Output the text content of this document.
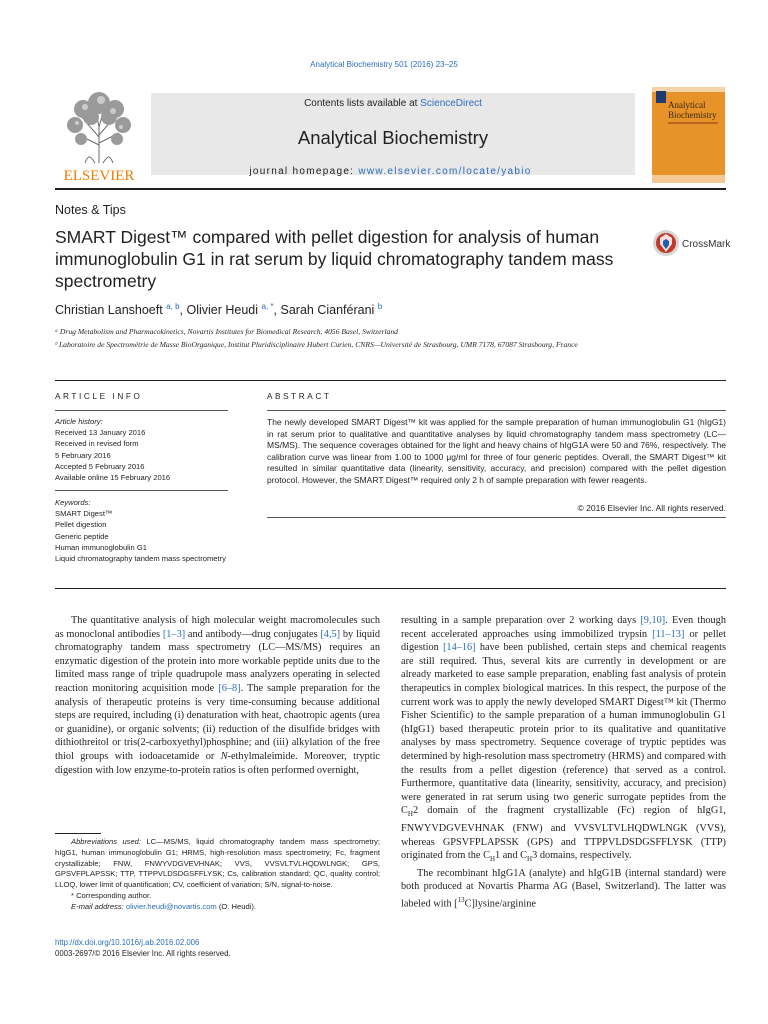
Analytical Biochemistry 501 (2016) 23–25
ELSEVIER
Contents lists available at ScienceDirect
Analytical Biochemistry
journal homepage: www.elsevier.com/locate/yabio
Analytical
Biochemistry
Notes & Tips
SMART Digest™ compared with pellet digestion for analysis of human immunoglobulin G1 in rat serum by liquid chromatography tandem mass spectrometry
CrossMark
Christian Lanshoeft $^{a, b}$, Olivier Heudi $^{a, *}$, Sarah Cianférani $^b$
ᵃ Drug Metabolism and Pharmacokinetics, Novartis Institutes for Biomedical Research, 4056 Basel, Switzerland
ᵇ Laboratoire de Spectrométrie de Masse BioOrganique, Institut Pluridisciplinaire Hubert Curien, CNRS—Université de Strasbourg, UMR 7178, 67087 Strasbourg, France
ARTICLE INFO	ABSTRACT
Article history:
Received 13 January 2016
Received in revised form
5 February 2016
Accepted 5 February 2016
Available online 15 February 2016
Keywords:
SMART Digest™
Pellet digestion
Generic peptide
Human immunoglobulin G1
Liquid chromatography tandem mass spectrometry
The newly developed SMART Digest™ kit was applied for the sample preparation of human immunoglobulin G1 (hIgG1) in rat serum prior to qualitative and quantitative analyses by liquid chromatography tandem mass spectrometry (LC—MS/MS). The sequence coverages obtained for the light and heavy chains of hIgG1A were 50 and 76%, respectively. The calibration curve was linear from 1.00 to 1000 μg/ml for three of four generic peptides. Overall, the SMART Digest™ kit resulted in similar quantitative data (linearity, sensitivity, accuracy, and precision) compared with the pellet digestion protocol. However, the SMART Digest™ required only 2 h of sample preparation with fewer reagents.
© 2016 Elsevier Inc. All rights reserved.

The quantitative analysis of high molecular weight macromolecules such as monoclonal antibodies [1–3] and antibody—drug conjugates [4,5] by liquid chromatography tandem mass spectrometry (LC—MS/MS) requires an enzymatic digestion of the protein into more workable peptide units due to the limited mass range of triple quadrupole mass analyzers operating in selected reaction monitoring acquisition mode [6–8]. The sample preparation for the analysis of therapeutic proteins is very time-consuming because additional steps are required, including (i) denaturation with heat, chaotropic agents (urea or guanidine), or organic solvents; (ii) reduction of the disulfide bridges with dithiothreitol or tris(2-carboxyethyl)phosphine; and (iii) alkylation of the free thiol groups with iodoacetamide or N-ethylmaleimide. Moreover, tryptic digestion with low enzyme-to-protein ratios is often performed overnight,

Abbreviations used: LC—MS/MS, liquid chromatography tandem mass spectrometry; hIgG1, human immunoglobulin G1; HRMS, high-resolution mass spectrometry; Fc, fragment crystallizable; FNW, FNWYVDGVEVHNAK; VVS, VVSVLTVLHQDWLNGK; GPS, GPSVFPLAPSSK; TTP, TTPPVLDSDGSFFLYSK; Cs, calibration standard; QC, quality control; LLOQ, lower limit of quantification; CV, coefficient of variation; S/N, signal-to-noise.
* Corresponding author.
E-mail address: olivier.heudi@novartis.com (O. Heudi).
http://dx.doi.org/10.1016/j.ab.2016.02.006
0003-2697/© 2016 Elsevier Inc. All rights reserved.

resulting in a sample preparation over 2 working days [9,10]. Even though recent accelerated approaches using immobilized trypsin [11–13] or pellet digestion [14–16] have been published, certain steps and chemical reagents are still required. Thus, several kits are currently in development or are already marketed to ease sample preparation, enabling fast analysis of protein therapeutics in complex biological matrices. In this respect, the purpose of the current work was to apply the newly developed SMART Digest™ kit (Thermo Fisher Scientific) to the sample preparation of a human immunoglobulin G1 (hIgG1) based therapeutic protein prior to its qualitative and quantitative analyses by mass spectrometry. Sequence coverage of tryptic peptides was determined by high-resolution mass spectrometry (HRMS) and compared with the results from a pellet digestion (reference) that served as a control. Furthermore, quantitative data (linearity, sensitivity, accuracy, and precision) were generated in rat serum using two generic surrogate peptides from the $C_H2$ domain of the fragment crystallizable (Fc) region of hIgG1, FNWYVDGVEVHNAK (FNW) and VVSVLTVLHQDWLNGK (VVS), whereas GPSVFPLAPSSK (GPS) and TTPPVLDSDGSFFLYSK (TTP) originated from the $C_H1$ and $C_H3$ domains, respectively.

The recombinant hIgG1A (analyte) and hIgG1B (internal standard) were both produced at Novartis Pharma AG (Basel, Switzerland). The latter was labeled with [$^{13}$C]lysine/arginine
